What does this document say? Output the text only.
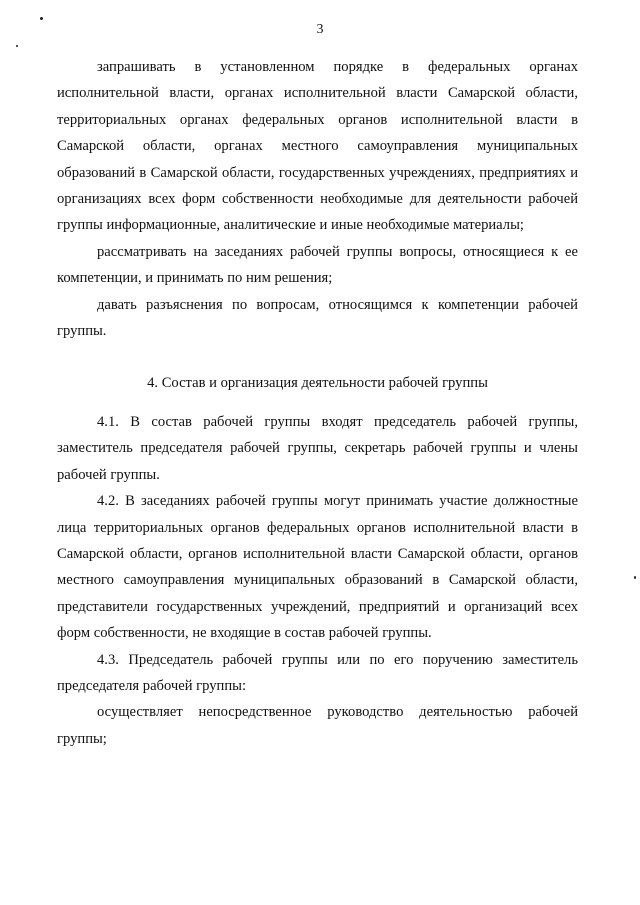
3

запрашивать в установленном порядке в федеральных органах исполнительной власти, органах исполнительной власти Самарской области, территориальных органах федеральных органов исполнительной власти в Самарской области, органах местного самоуправления муниципальных образований в Самарской области, государственных учреждениях, предприятиях и организациях всех форм собственности необходимые для деятельности рабочей группы информационные, аналитические и иные необходимые материалы;

рассматривать на заседаниях рабочей группы вопросы, относящиеся к ее компетенции, и принимать по ним решения;

давать разъяснения по вопросам, относящимся к компетенции рабочей группы.

4. Состав и организация деятельности рабочей группы

4.1. В состав рабочей группы входят председатель рабочей группы, заместитель председателя рабочей группы, секретарь рабочей группы и члены рабочей группы.

4.2. В заседаниях рабочей группы могут принимать участие должностные лица территориальных органов федеральных органов исполнительной власти в Самарской области, органов исполнительной власти Самарской области, органов местного самоуправления муниципальных образований в Самарской области, представители государственных учреждений, предприятий и организаций всех форм собственности, не входящие в состав рабочей группы.

4.3. Председатель рабочей группы или по его поручению заместитель председателя рабочей группы:

осуществляет непосредственное руководство деятельностью рабочей группы;
